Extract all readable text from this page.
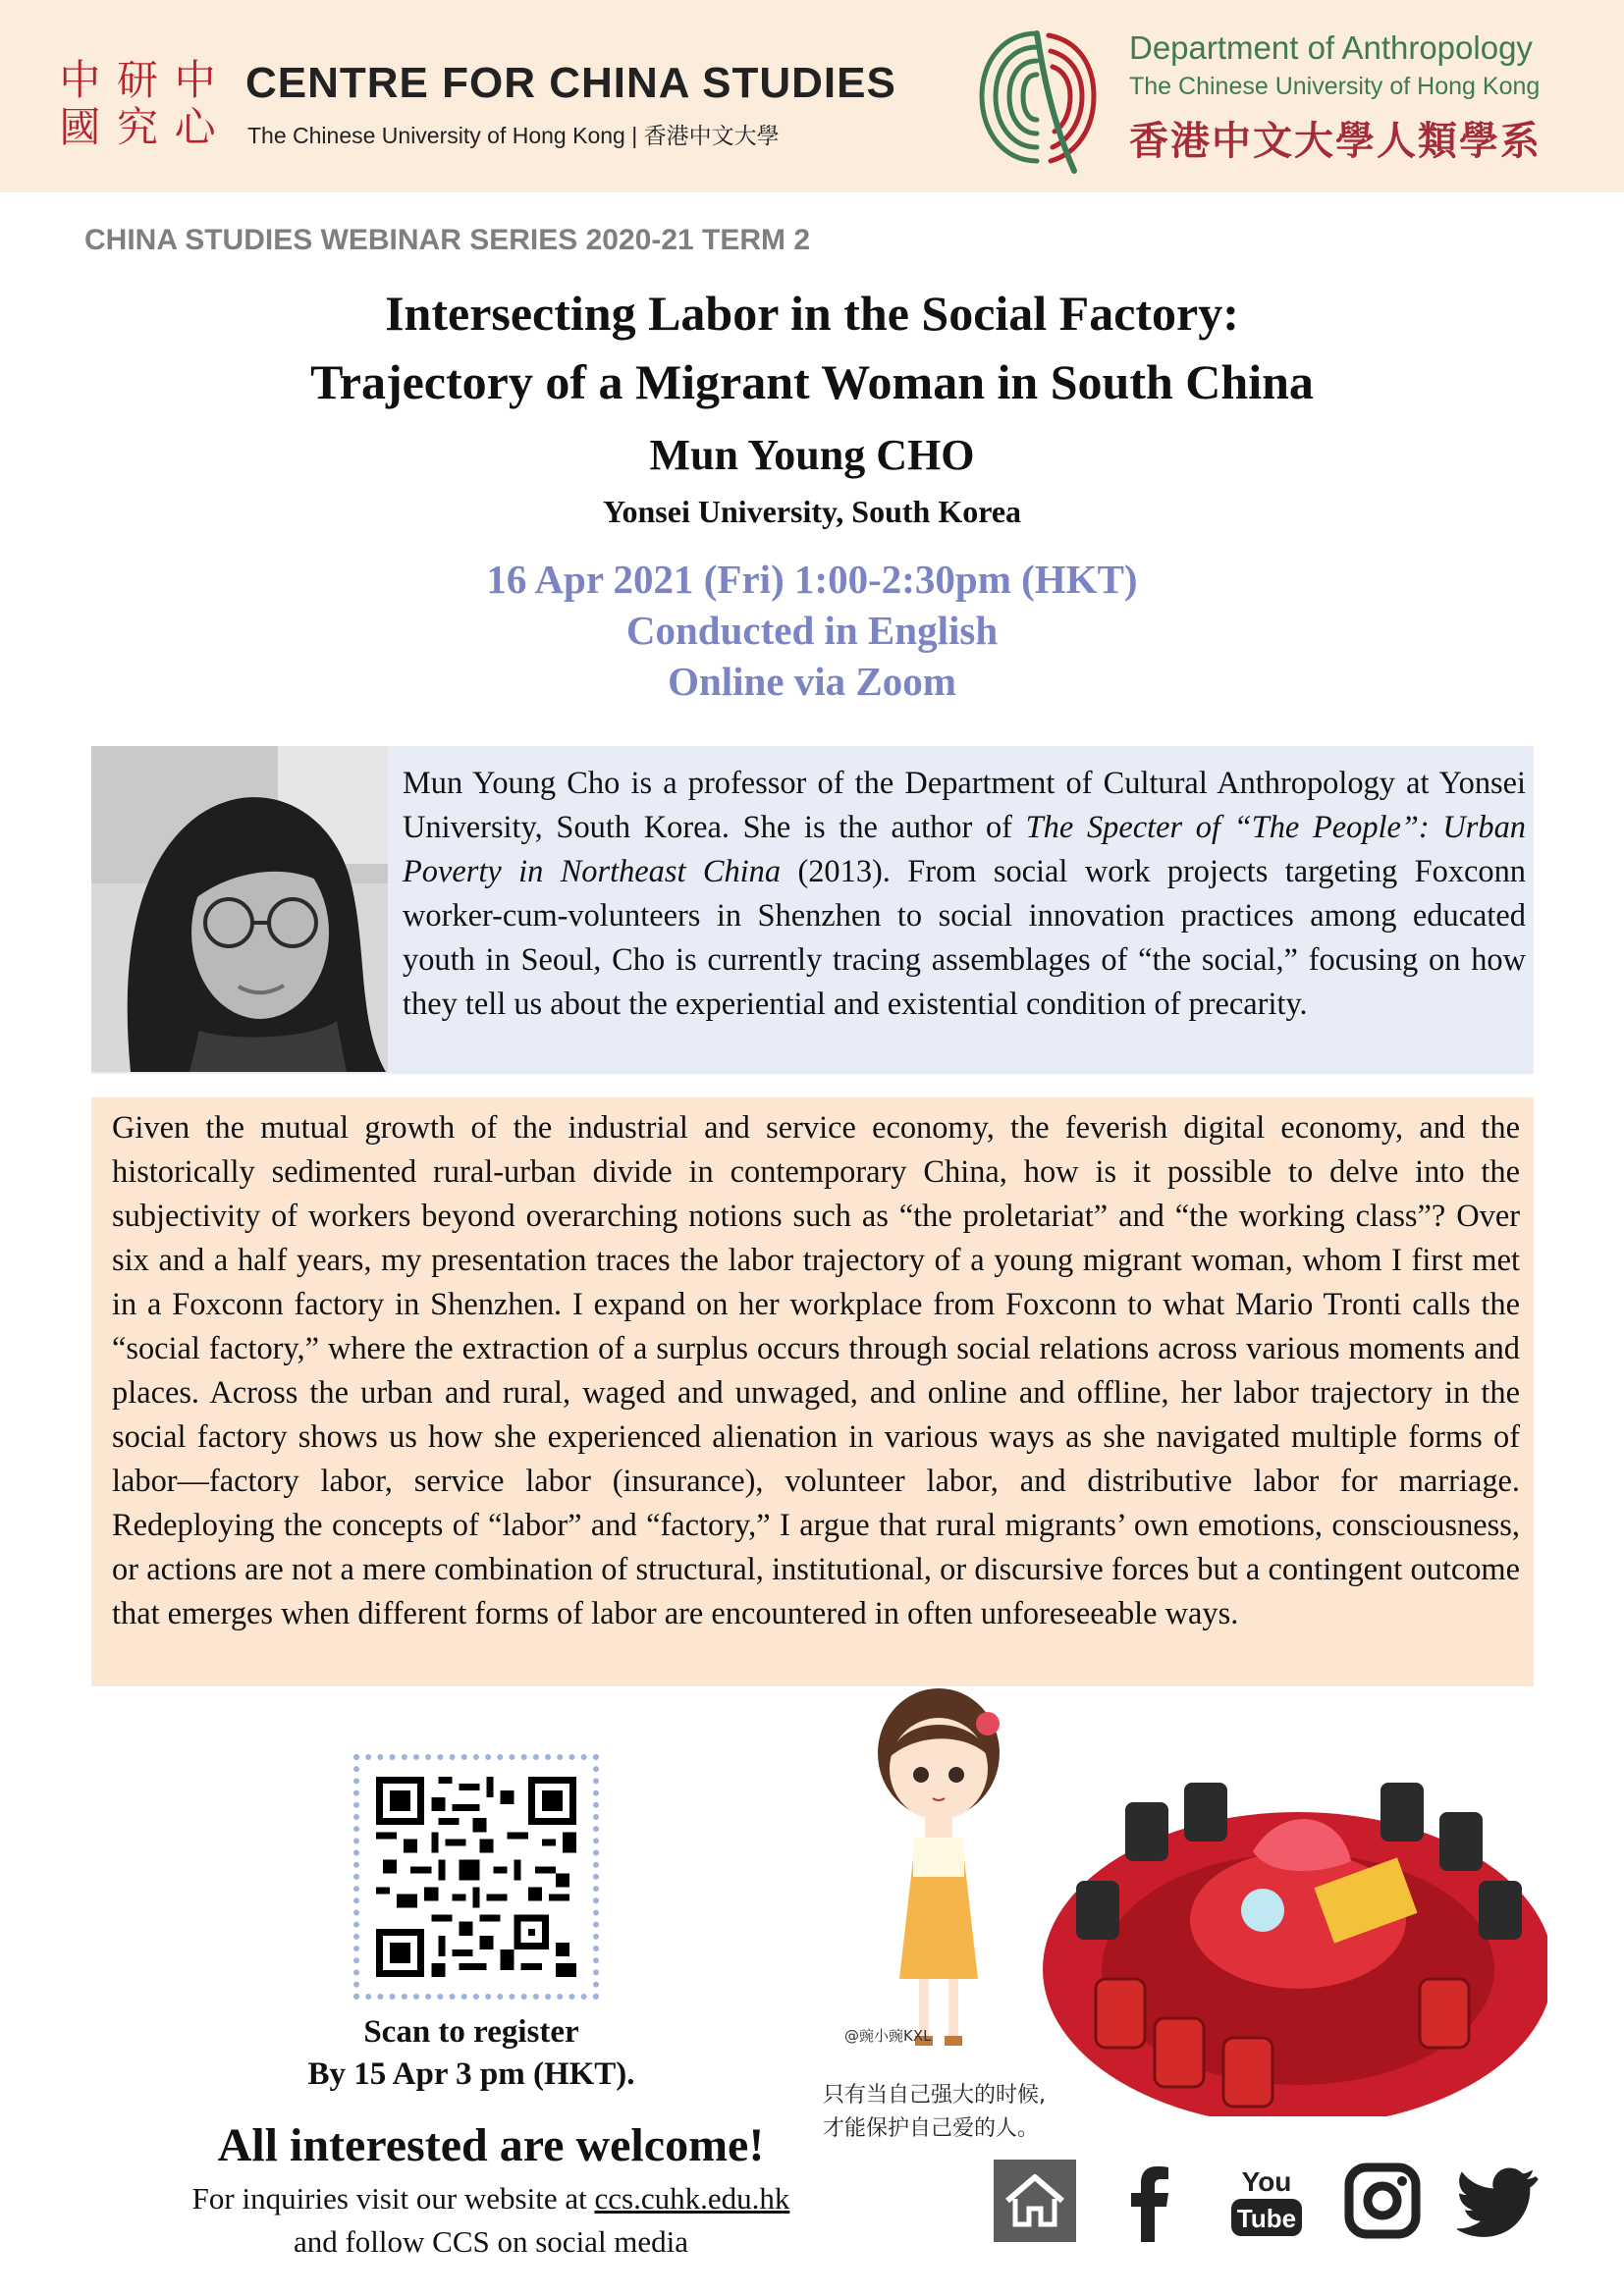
中 研 中
國 究 心
CENTRE FOR CHINA STUDIES
The Chinese University of Hong Kong | 香港中文大學
Department of Anthropology
The Chinese University of Hong Kong
香港中文大學人類學系
CHINA STUDIES WEBINAR SERIES 2020-21 TERM 2
Intersecting Labor in the Social Factory:
Trajectory of a Migrant Woman in South China
Mun Young CHO
Yonsei University, South Korea
16 Apr 2021 (Fri) 1:00-2:30pm (HKT)
Conducted in English
Online via Zoom
Mun Young Cho is a professor of the Department of Cultural Anthropology at Yonsei University, South Korea. She is the author of The Specter of “The People”: Urban Poverty in Northeast China (2013). From social work projects targeting Foxconn worker-cum-volunteers in Shenzhen to social innovation practices among educated youth in Seoul, Cho is currently tracing assemblages of “the social,” focusing on how they tell us about the experiential and existential condition of precarity.
Given the mutual growth of the industrial and service economy, the feverish digital economy, and the historically sedimented rural-urban divide in contemporary China, how is it possible to delve into the subjectivity of workers beyond overarching notions such as “the proletariat” and “the working class”? Over six and a half years, my presentation traces the labor trajectory of a young migrant woman, whom I first met in a Foxconn factory in Shenzhen. I expand on her workplace from Foxconn to what Mario Tronti calls the “social factory,” where the extraction of a surplus occurs through social relations across various moments and places. Across the urban and rural, waged and unwaged, and online and offline, her labor trajectory in the social factory shows us how she experienced alienation in various ways as she navigated multiple forms of labor—factory labor, service labor (insurance), volunteer labor, and distributive labor for marriage. Redeploying the concepts of “labor” and “factory,” I argue that rural migrants’ own emotions, consciousness, or actions are not a mere combination of structural, institutional, or discursive forces but a contingent outcome that emerges when different forms of labor are encountered in often unforeseeable ways.
Scan to register
By 15 Apr 3 pm (HKT).
All interested are welcome!
For inquiries visit our website at ccs.cuhk.edu.hk
and follow CCS on social media
@豌小豌KXL
只有当自己强大的时候,
才能保护自己爱的人。
You
Tube
